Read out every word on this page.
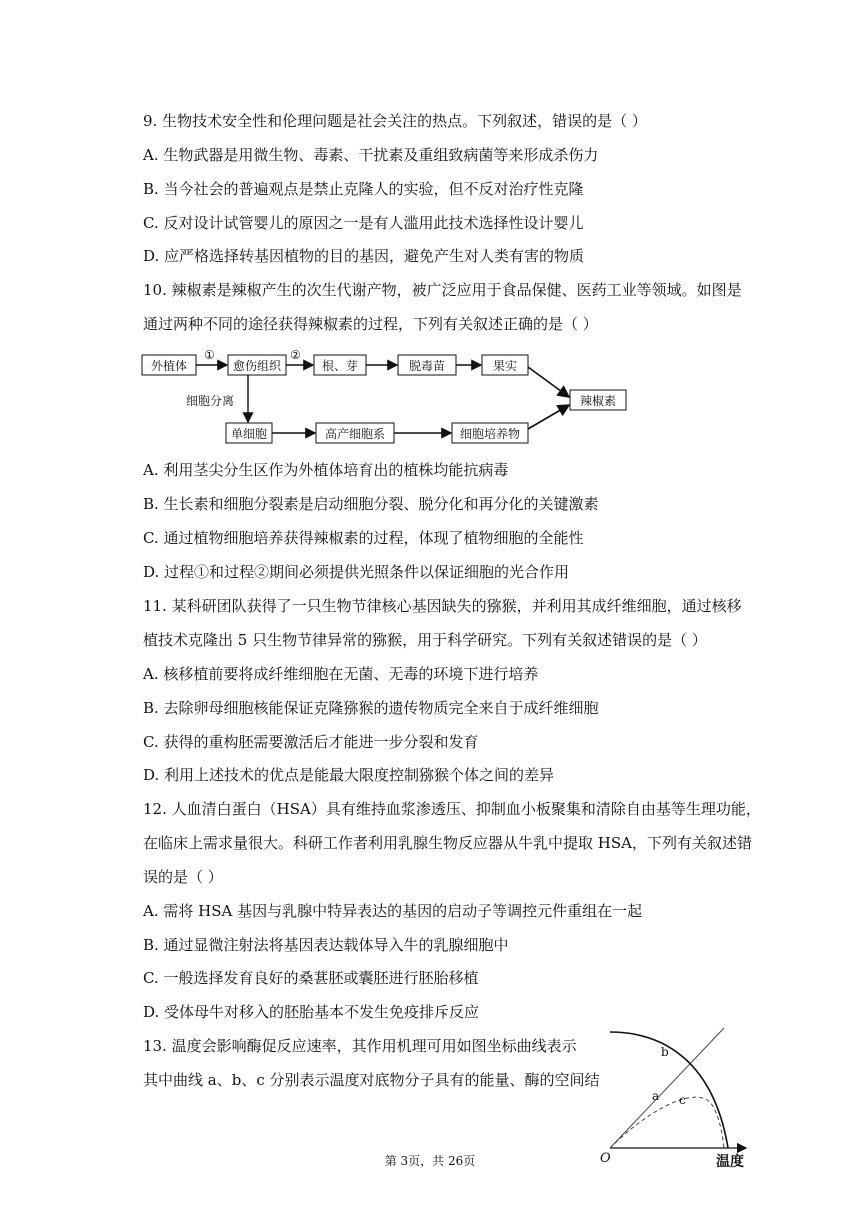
9. 生物技术安全性和伦理问题是社会关注的热点。下列叙述，错误的是（ ）
A. 生物武器是用微生物、毒素、干扰素及重组致病菌等来形成杀伤力
B. 当今社会的普遍观点是禁止克隆人的实验，但不反对治疗性克隆
C. 反对设计试管婴儿的原因之一是有人滥用此技术选择性设计婴儿
D. 应严格选择转基因植物的目的基因，避免产生对人类有害的物质
10. 辣椒素是辣椒产生的次生代谢产物，被广泛应用于食品保健、医药工业等领域。如图是
通过两种不同的途径获得辣椒素的过程，下列有关叙述正确的是（ ）
外植体	愈伤组织	根、芽	脱毒苗	果实
辣椒素
单细胞	高产细胞系	细胞培养物
①	②
细胞分离
A. 利用茎尖分生区作为外植体培育出的植株均能抗病毒
B. 生长素和细胞分裂素是启动细胞分裂、脱分化和再分化的关键激素
C. 通过植物细胞培养获得辣椒素的过程，体现了植物细胞的全能性
D. 过程①和过程②期间必须提供光照条件以保证细胞的光合作用
11. 某科研团队获得了一只生物节律核心基因缺失的猕猴，并利用其成纤维细胞，通过核移
植技术克隆出 5 只生物节律异常的猕猴，用于科学研究。下列有关叙述错误的是（ ）
A. 核移植前要将成纤维细胞在无菌、无毒的环境下进行培养
B. 去除卵母细胞核能保证克隆猕猴的遗传物质完全来自于成纤维细胞
C. 获得的重构胚需要激活后才能进一步分裂和发育
D. 利用上述技术的优点是能最大限度控制猕猴个体之间的差异
12. 人血清白蛋白（HSA）具有维持血浆渗透压、抑制血小板聚集和清除自由基等生理功能，
在临床上需求量很大。科研工作者利用乳腺生物反应器从牛乳中提取 HSA，下列有关叙述错
误的是（ ）
A. 需将 HSA 基因与乳腺中特异表达的基因的启动子等调控元件重组在一起
B. 通过显微注射法将基因表达载体导入牛的乳腺细胞中
C. 一般选择发育良好的桑葚胚或囊胚进行胚胎移植
D. 受体母牛对移入的胚胎基本不发生免疫排斥反应
13. 温度会影响酶促反应速率，其作用机理可用如图坐标曲线表示
其中曲线 a、b、c 分别表示温度对底物分子具有的能量、酶的空间结
b
a c
O	温度
第 3页，共 26页
